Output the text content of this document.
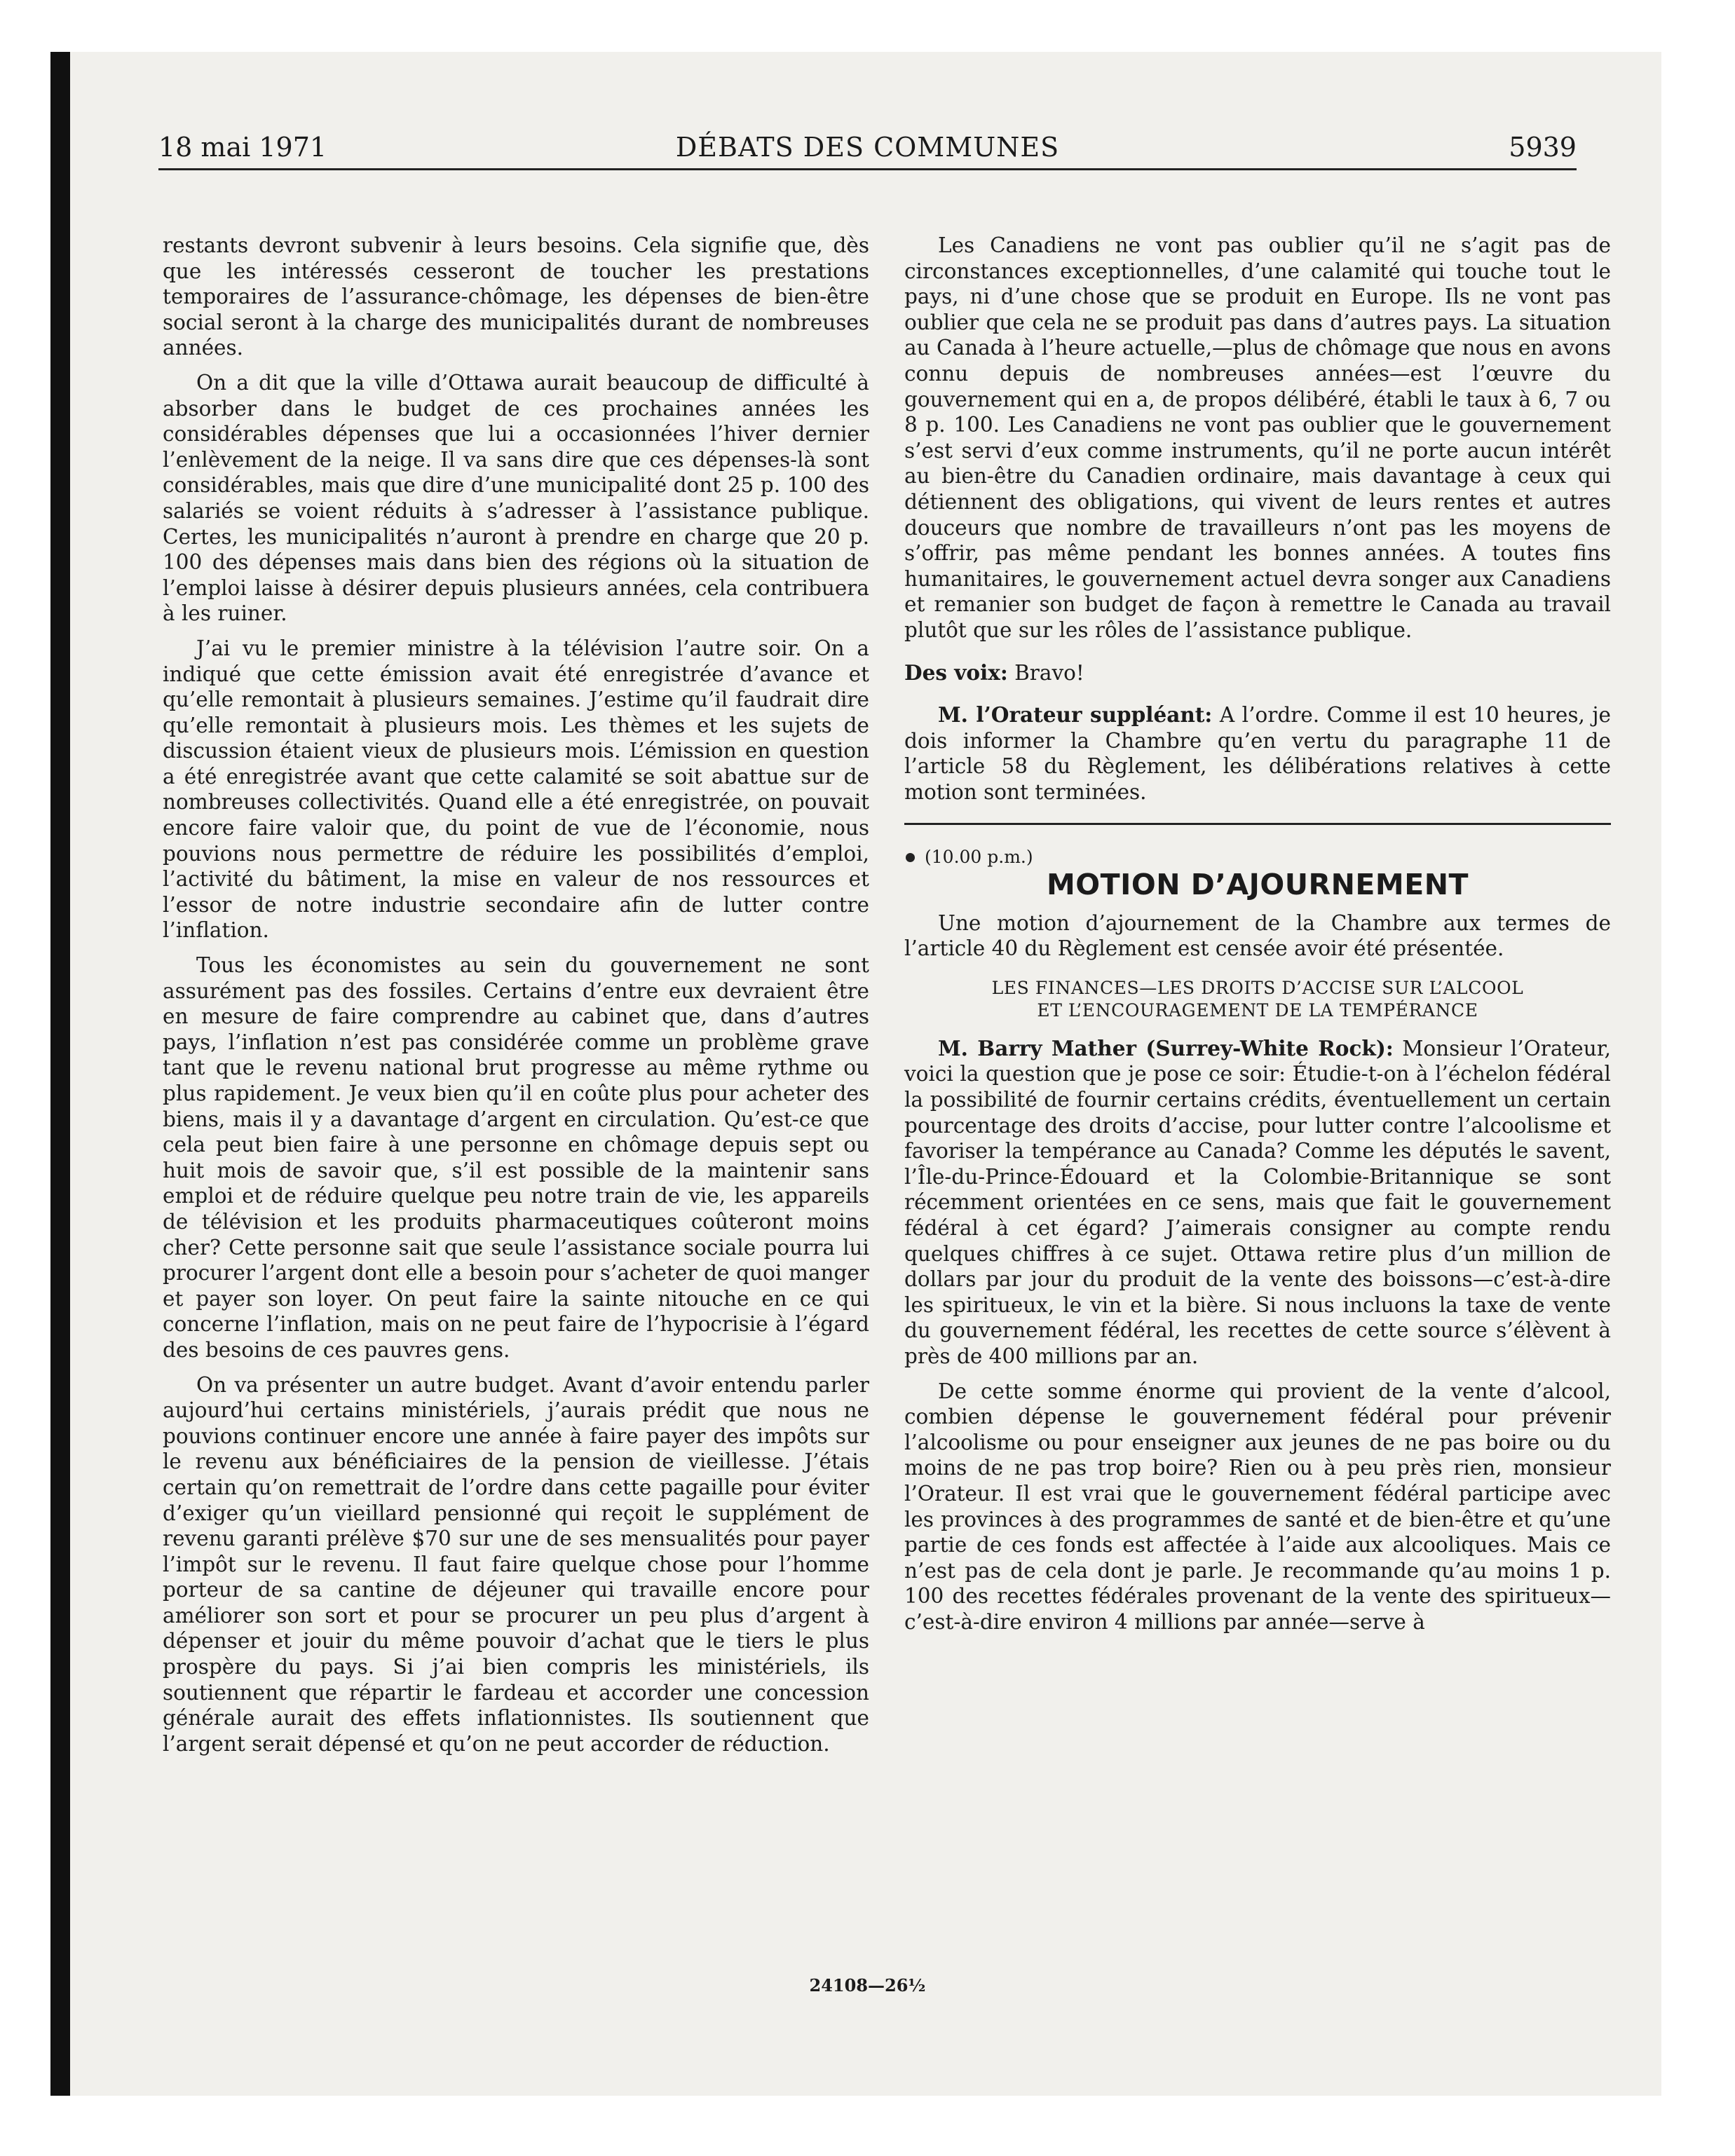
18 mai 1971	DÉBATS DES COMMUNES	5939

restants devront subvenir à leurs besoins. Cela signifie que, dès que les intéressés cesseront de toucher les prestations temporaires de l’assurance-chômage, les dépenses de bien-être social seront à la charge des municipalités durant de nombreuses années.

On a dit que la ville d’Ottawa aurait beaucoup de difficulté à absorber dans le budget de ces prochaines années les considérables dépenses que lui a occasionnées l’hiver dernier l’enlèvement de la neige. Il va sans dire que ces dépenses-là sont considérables, mais que dire d’une municipalité dont 25 p. 100 des salariés se voient réduits à s’adresser à l’assistance publique. Certes, les municipalités n’auront à prendre en charge que 20 p. 100 des dépenses mais dans bien des régions où la situation de l’emploi laisse à désirer depuis plusieurs années, cela contribuera à les ruiner.

J’ai vu le premier ministre à la télévision l’autre soir. On a indiqué que cette émission avait été enregistrée d’avance et qu’elle remontait à plusieurs semaines. J’estime qu’il faudrait dire qu’elle remontait à plusieurs mois. Les thèmes et les sujets de discussion étaient vieux de plusieurs mois. L’émission en question a été enregistrée avant que cette calamité se soit abattue sur de nombreuses collectivités. Quand elle a été enregistrée, on pouvait encore faire valoir que, du point de vue de l’économie, nous pouvions nous permettre de réduire les possibilités d’emploi, l’activité du bâtiment, la mise en valeur de nos ressources et l’essor de notre industrie secondaire afin de lutter contre l’inflation.

Tous les économistes au sein du gouvernement ne sont assurément pas des fossiles. Certains d’entre eux devraient être en mesure de faire comprendre au cabinet que, dans d’autres pays, l’inflation n’est pas considérée comme un problème grave tant que le revenu national brut progresse au même rythme ou plus rapidement. Je veux bien qu’il en coûte plus pour acheter des biens, mais il y a davantage d’argent en circulation. Qu’est-ce que cela peut bien faire à une personne en chômage depuis sept ou huit mois de savoir que, s’il est possible de la maintenir sans emploi et de réduire quelque peu notre train de vie, les appareils de télévision et les produits pharmaceutiques coûteront moins cher? Cette personne sait que seule l’assistance sociale pourra lui procurer l’argent dont elle a besoin pour s’acheter de quoi manger et payer son loyer. On peut faire la sainte nitouche en ce qui concerne l’inflation, mais on ne peut faire de l’hypocrisie à l’égard des besoins de ces pauvres gens.

On va présenter un autre budget. Avant d’avoir entendu parler aujourd’hui certains ministériels, j’aurais prédit que nous ne pouvions continuer encore une année à faire payer des impôts sur le revenu aux bénéficiaires de la pension de vieillesse. J’étais certain qu’on remettrait de l’ordre dans cette pagaille pour éviter d’exiger qu’un vieillard pensionné qui reçoit le supplément de revenu garanti prélève $70 sur une de ses mensualités pour payer l’impôt sur le revenu. Il faut faire quelque chose pour l’homme porteur de sa cantine de déjeuner qui travaille encore pour améliorer son sort et pour se procurer un peu plus d’argent à dépenser et jouir du même pouvoir d’achat que le tiers le plus prospère du pays. Si j’ai bien compris les ministériels, ils soutiennent que répartir le fardeau et accorder une concession générale aurait des effets inflationnistes. Ils soutiennent que l’argent serait dépensé et qu’on ne peut accorder de réduction.

Les Canadiens ne vont pas oublier qu’il ne s’agit pas de circonstances exceptionnelles, d’une calamité qui touche tout le pays, ni d’une chose que se produit en Europe. Ils ne vont pas oublier que cela ne se produit pas dans d’autres pays. La situation au Canada à l’heure actuelle,—plus de chômage que nous en avons connu depuis de nombreuses années—est l’œuvre du gouvernement qui en a, de propos délibéré, établi le taux à 6, 7 ou 8 p. 100. Les Canadiens ne vont pas oublier que le gouvernement s’est servi d’eux comme instruments, qu’il ne porte aucun intérêt au bien-être du Canadien ordinaire, mais davantage à ceux qui détiennent des obligations, qui vivent de leurs rentes et autres douceurs que nombre de travailleurs n’ont pas les moyens de s’offrir, pas même pendant les bonnes années. A toutes fins humanitaires, le gouvernement actuel devra songer aux Canadiens et remanier son budget de façon à remettre le Canada au travail plutôt que sur les rôles de l’assistance publique.

Des voix: Bravo!

M. l’Orateur suppléant: A l’ordre. Comme il est 10 heures, je dois informer la Chambre qu’en vertu du paragraphe 11 de l’article 58 du Règlement, les délibérations relatives à cette motion sont terminées.

(10.00 p.m.)
MOTION D’AJOURNEMENT

Une motion d’ajournement de la Chambre aux termes de l’article 40 du Règlement est censée avoir été présentée.

LES FINANCES—LES DROITS D’ACCISE SUR L’ALCOOL
ET L’ENCOURAGEMENT DE LA TEMPÉRANCE

M. Barry Mather (Surrey-White Rock): Monsieur l’Orateur, voici la question que je pose ce soir: Étudie-t-on à l’échelon fédéral la possibilité de fournir certains crédits, éventuellement un certain pourcentage des droits d’accise, pour lutter contre l’alcoolisme et favoriser la tempérance au Canada? Comme les députés le savent, l’Île-du-Prince-Édouard et la Colombie-Britannique se sont récemment orientées en ce sens, mais que fait le gouvernement fédéral à cet égard? J’aimerais consigner au compte rendu quelques chiffres à ce sujet. Ottawa retire plus d’un million de dollars par jour du produit de la vente des boissons—c’est-à-dire les spiritueux, le vin et la bière. Si nous incluons la taxe de vente du gouvernement fédéral, les recettes de cette source s’élèvent à près de 400 millions par an.

De cette somme énorme qui provient de la vente d’alcool, combien dépense le gouvernement fédéral pour prévenir l’alcoolisme ou pour enseigner aux jeunes de ne pas boire ou du moins de ne pas trop boire? Rien ou à peu près rien, monsieur l’Orateur. Il est vrai que le gouvernement fédéral participe avec les provinces à des programmes de santé et de bien-être et qu’une partie de ces fonds est affectée à l’aide aux alcooliques. Mais ce n’est pas de cela dont je parle. Je recommande qu’au moins 1 p. 100 des recettes fédérales provenant de la vente des spiritueux—c’est-à-dire environ 4 millions par année—serve à

24108—26½
